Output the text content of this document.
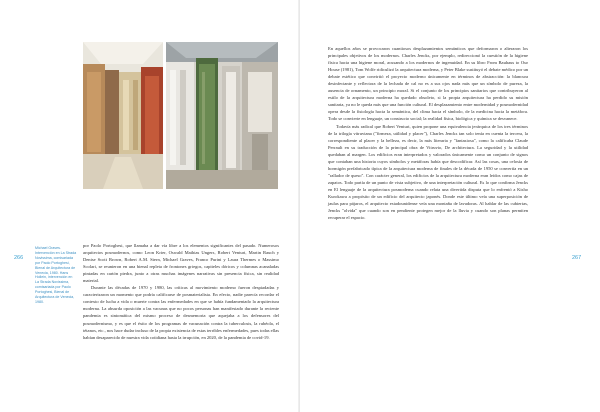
266

Michael Graves. Intervención en La Strada Novissima, comisariada por Paolo Portoghesi, Bienal de Arquitectura de Venecia, 1980. Hans Hollein, intervención en La Strada Novissima, comisariada por Paolo Portoghesi, Bienal de Arquitectura de Venecia, 1980.

por Paolo Portoghesi, que llamaba a dar vía libre a los elementos significantes del pasado. Numerosos arquitectos posmodernos, como Leon Krier, Oswald Mathias Ungers, Robert Venturi, Martin Rauch y Denise Scott Brown, Robert A.M. Stern, Michael Graves, Franco Purini y Laura Thermes o Massimo Scolari, se reunieron en una bienal repleta de frontones griegos, capiteles dóricos y columnas acanaladas pintadas en cartón piedra, junto a otras muchas imágenes narrativas sin presencia física, sin realidad material.

Durante las décadas de 1970 y 1980, las críticas al movimiento moderno fueron despiadadas y caracterizaron un momento que podría calificarse de posmaterialista. En efecto, nadie parecía recordar el contexto de lucha a vida o muerte contra las enfermedades en que se había fundamentado la arquitectura moderna. La absurda oposición a las vacunas que no pocos personas han manifestado durante la reciente pandemia es sintomática del mismo proceso de desmemoria que aquejaba a los defensores del posmodernismo, y es que el éxito de los programas de vacunación contra la tuberculosis, la rubéola, el tétanos, etc., nos hace dudar incluso de la propia existencia de estas terribles enfermedades, pues todas ellas habían desaparecido de nuestra vida cotidiana hasta la irrupción, en 2020, de la pandemia de covid-19.

En aquellos años se provocaron cuantiosos desplazamientos semánticos que deformaron o alteraron los principales objetivos de los modernos. Charles Jencks, por ejemplo, redireccionó la cuestión de la higiene física hacia una higiene moral, acusando a los modernos de ingenuidad. En su libro From Bauhaus to Our House (1981), Tom Wolfe ridiculizó la arquitectura moderna, y Peter Blake sustituyó el debate médico por un debate estético que convirtió el proyecto moderno únicamente en términos de abstracción: la blancura desinfectante y reflectora de la lechada de cal no es a sus ojos nada más que un símbolo de pureza, la ausencia de ornamento, un principio moral. Si el conjunto de los principios sanitarios que contribuyeron al estilo de la arquitectura moderna ha quedado obsoleto, si la propia arquitectura ha perdido su misión sanitaria, ya no le queda más que una función cultural. El desplazamiento entre modernidad y posmodernidad opera desde la fisiología hacia la semántica, del clima hacia el símbolo, de la medicina hacia la metáfora. Todo se convierte en lenguaje, un constructo social; la realidad física, biológica y química se desvanece.

Todavía más radical que Robert Venturi, quien propone una equivalencia jerárquica de los tres términos de la trilogía vitruviana ("firmeza, utilidad y placer"), Charles Jencks tan solo tenía en cuenta la tercera, la correspondiente al placer y la belleza, es decir, la más literaria y "fantasiosa", como la calificaba Claude Perrault en su traducción de la principal obra de Vitruvio, De architectura. La seguridad y la utilidad quedaban al margen. Los edificios eran interpretados y valorados únicamente como un conjunto de signos que contaban una historia cuyos símbolos y metáforas había que descodificar. Así las cosas, una celosía de hormigón prefabricado típica de la arquitectura moderna de finales de la década de 1950 se convertía en un "rallador de queso". Con carácter general, los edificios de la arquitectura moderna eran leídos como cajas de zapatos. Todo partía de un punto de vista subjetivo, de una interpretación cultural. Es lo que confirma Jencks en El lenguaje de la arquitectura posmoderna cuando relata una divertida disputa que lo enfrentó a Kisho Kurokawa a propósito de un edificio del arquitecto japonés. Donde este último veía una superposición de jaulas para pájaros, el arquitecto estadounidense veía una montaña de lavadoras. Al hablar de las cubiertas, Jencks "olvida" que cuando son en pendiente protegen mejor de la lluvia y cuando son planas permiten recuperar el espacio.

267
